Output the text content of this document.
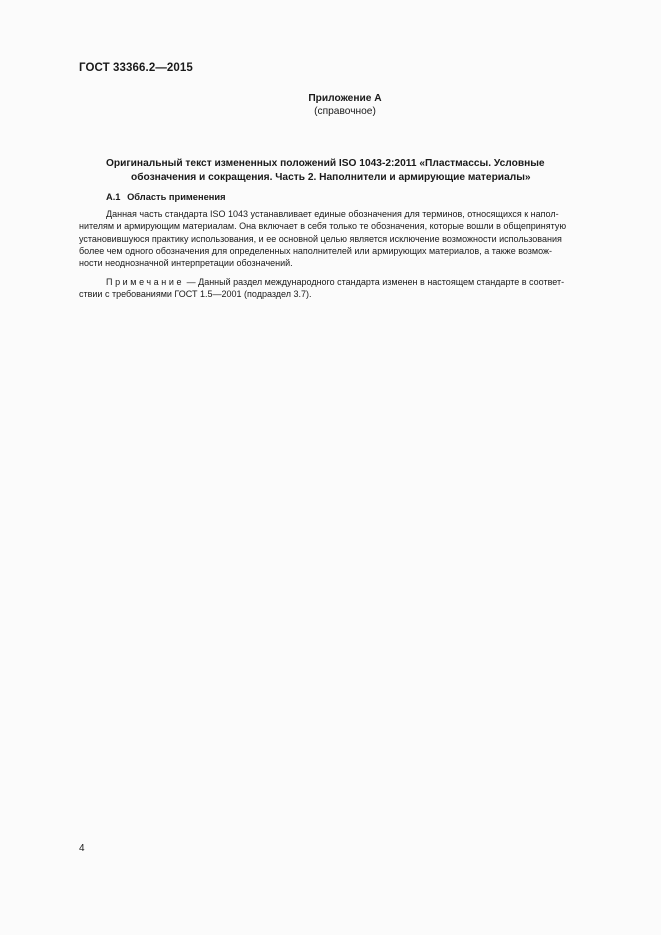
ГОСТ 33366.2—2015
Приложение А
(справочное)
Оригинальный текст измененных положений ISO 1043-2:2011 «Пластмассы. Условные
обозначения и сокращения. Часть 2. Наполнители и армирующие материалы»
A.1 Область применения
Данная часть стандарта ISO 1043 устанавливает единые обозначения для терминов, относящихся к напол-
нителям и армирующим материалам. Она включает в себя только те обозначения, которые вошли в общепринятую
установившуюся практику использования, и ее основной целью является исключение возможности использования
более чем одного обозначения для определенных наполнителей или армирующих материалов, а также возмож-
ности неоднозначной интерпретации обозначений.
Примечание — Данный раздел международного стандарта изменен в настоящем стандарте в соответ-
ствии с требованиями ГОСТ 1.5—2001 (подраздел 3.7).
4
